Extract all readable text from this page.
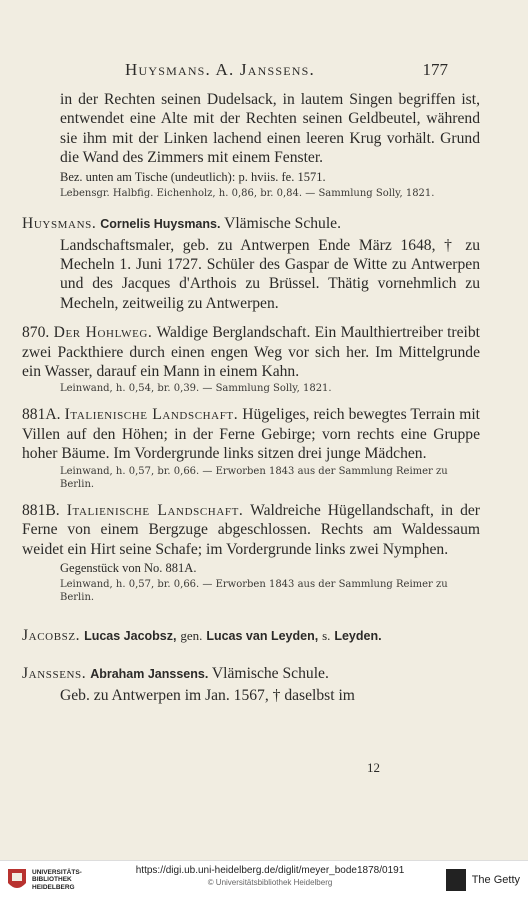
Huysmans. A. Janssens.	177

in der Rechten seinen Dudelsack, in lautem Singen begriffen ist, entwendet eine Alte mit der Rechten seinen Geldbeutel, während sie ihm mit der Linken lachend einen leeren Krug vorhält. Grund die Wand des Zimmers mit einem Fenster.

Bez. unten am Tische (undeutlich): p. hviis. fe. 1571.

Lebensgr. Halbfig. Eichenholz, h. 0,86, br. 0,84. — Sammlung Solly, 1821.

Huysmans. Cornelis Huysmans. Vlämische Schule.

Landschaftsmaler, geb. zu Antwerpen Ende März 1648, † zu Mecheln 1. Juni 1727. Schüler des Gaspar de Witte zu Antwerpen und des Jacques d'Arthois zu Brüssel. Thätig vornehmlich zu Mecheln, zeitweilig zu Antwerpen.

870. Der Hohlweg. Waldige Berglandschaft. Ein Maulthiertreiber treibt zwei Packthiere durch einen engen Weg vor sich her. Im Mittelgrunde ein Wasser, darauf ein Mann in einem Kahn.

Leinwand, h. 0,54, br. 0,39. — Sammlung Solly, 1821.

881A. Italienische Landschaft. Hügeliges, reich bewegtes Terrain mit Villen auf den Höhen; in der Ferne Gebirge; vorn rechts eine Gruppe hoher Bäume. Im Vordergrunde links sitzen drei junge Mädchen.

Leinwand, h. 0,57, br. 0,66. — Erworben 1843 aus der Sammlung Reimer zu Berlin.

881B. Italienische Landschaft. Waldreiche Hügellandschaft, in der Ferne von einem Bergzuge abgeschlossen. Rechts am Waldessaum weidet ein Hirt seine Schafe; im Vordergrunde links zwei Nymphen.

Gegenstück von No. 881A.

Leinwand, h. 0,57, br. 0,66. — Erworben 1843 aus der Sammlung Reimer zu Berlin.

Jacobsz. Lucas Jacobsz, gen. Lucas van Leyden, s. Leyden.
Janssens. Abraham Janssens. Vlämische Schule.

Geb. zu Antwerpen im Jan. 1567, † daselbst im

12
UNIVERSITÄTS-
BIBLIOTHEK
HEIDELBERG
https://digi.ub.uni-heidelberg.de/diglit/meyer_bode1878/0191
© Universitätsbibliothek Heidelberg	The Getty
